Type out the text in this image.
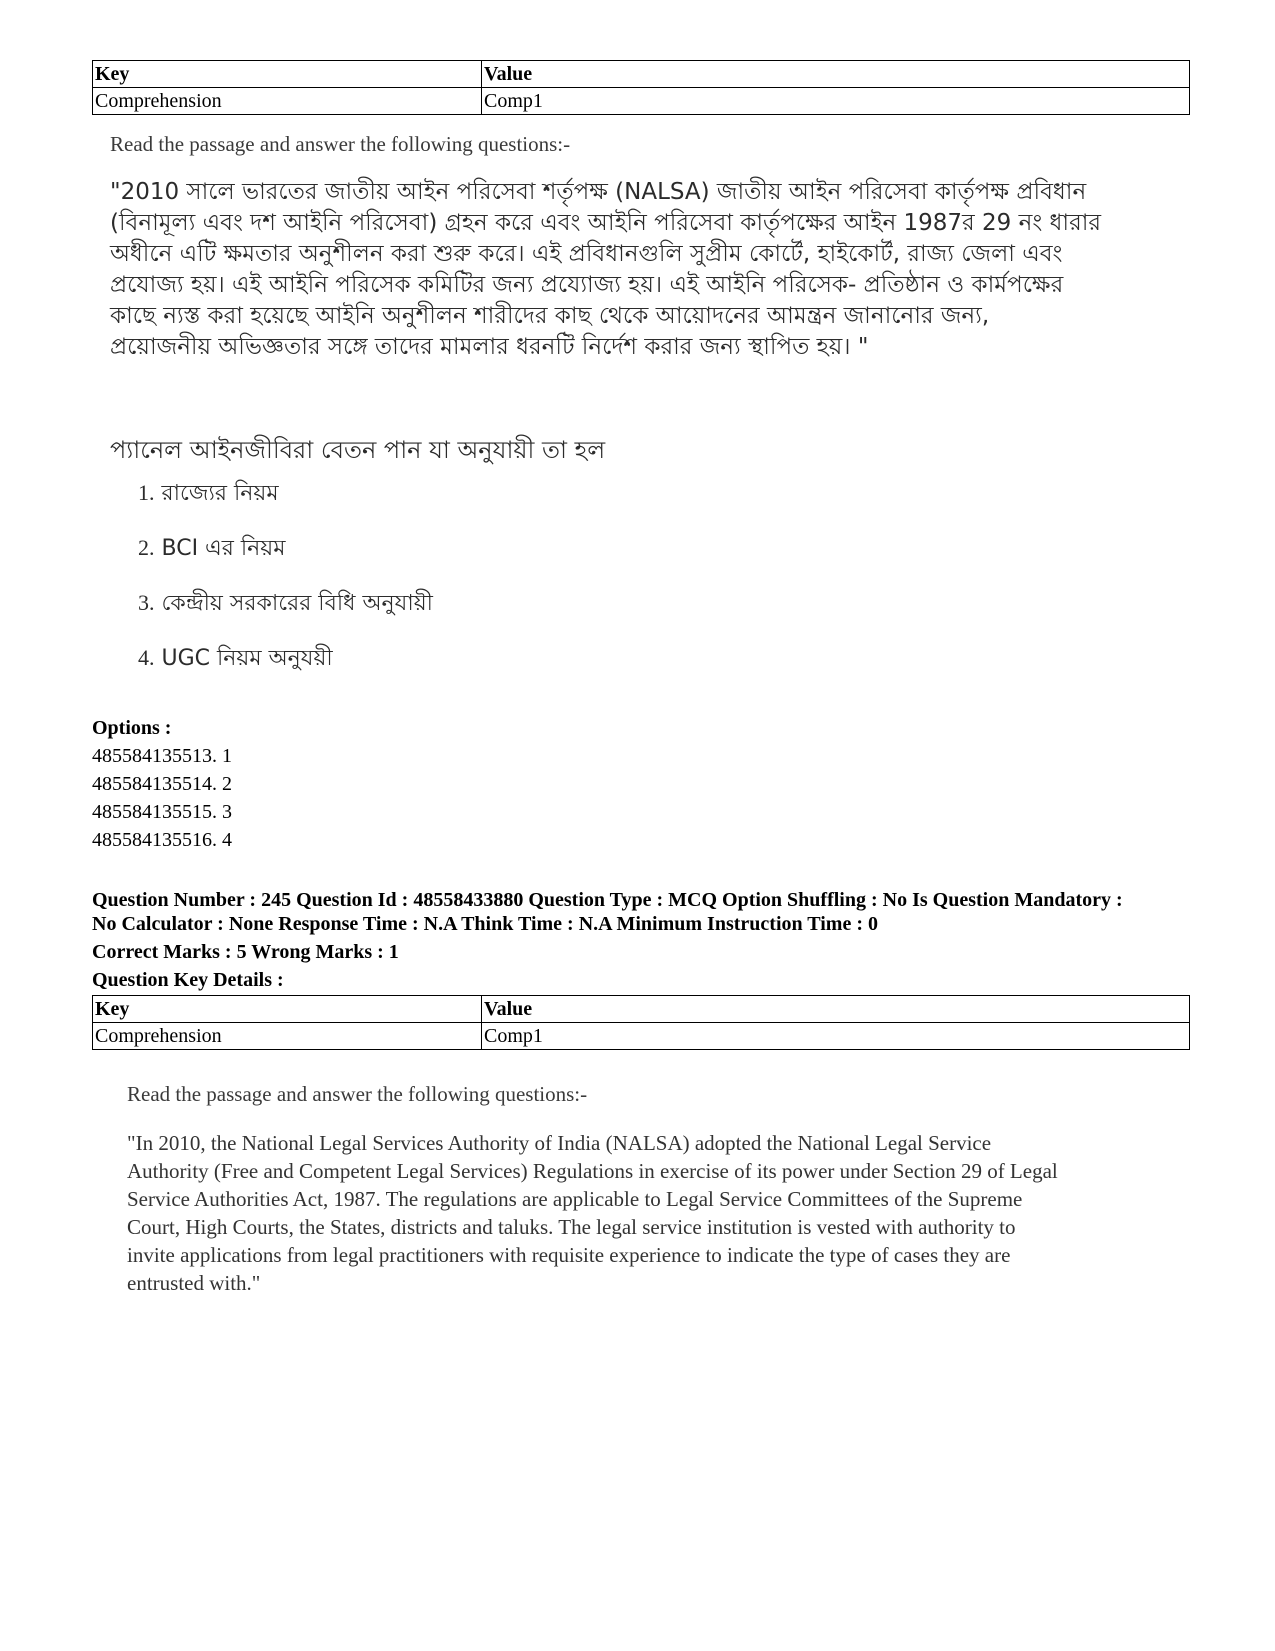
Key	Value
Comprehension	Comp1

Read the passage and answer the following questions:-

"2010 সালে ভারতের জাতীয় আইন পরিসেবা শর্তৃপক্ষ (NALSA) জাতীয় আইন পরিসেবা কার্তৃপক্ষ প্রবিধান
(বিনামূল্য এবং দশ আইনি পরিসেবা) গ্রহন করে এবং আইনি পরিসেবা কার্তৃপক্ষের আইন 1987র 29 নং ধারার
অধীনে এটি ক্ষমতার অনুশীলন করা শুরু করে। এই প্রবিধানগুলি সুপ্রীম কোর্টে, হাইকোর্ট, রাজ্য জেলা এবং
প্রযোজ্য হয়। এই আইনি পরিসেক কমিটির জন্য প্রয্যোজ্য হয়। এই আইনি পরিসেক- প্রতিষ্ঠান ও কার্মপক্ষের
কাছে ন্যস্ত করা হয়েছে আইনি অনুশীলন শারীদের কাছ থেকে আয়োদনের আমন্ত্রন জানানোর জন্য,
প্রয়োজনীয় অভিজ্ঞতার সঙ্গে তাদের মামলার ধরনটি নির্দেশ করার জন্য স্থাপিত হয়। "

প্যানেল আইনজীবিরা বেতন পান যা অনুযায়ী তা হল
1. রাজ্যের নিয়ম
2. BCI এর নিয়ম
3. কেন্দ্রীয় সরকারের বিধি অনুযায়ী
4. UGC নিয়ম অনুযয়ী
Options :
485584135513. 1
485584135514. 2
485584135515. 3
485584135516. 4
Question Number : 245 Question Id : 48558433880 Question Type : MCQ Option Shuffling : No Is Question Mandatory :
No Calculator : None Response Time : N.A Think Time : N.A Minimum Instruction Time : 0
Correct Marks : 5 Wrong Marks : 1
Question Key Details :
Key	Value
Comprehension	Comp1

Read the passage and answer the following questions:-

"In 2010, the National Legal Services Authority of India (NALSA) adopted the National Legal Service
Authority (Free and Competent Legal Services) Regulations in exercise of its power under Section 29 of Legal
Service Authorities Act, 1987. The regulations are applicable to Legal Service Committees of the Supreme
Court, High Courts, the States, districts and taluks. The legal service institution is vested with authority to
invite applications from legal practitioners with requisite experience to indicate the type of cases they are
entrusted with."
